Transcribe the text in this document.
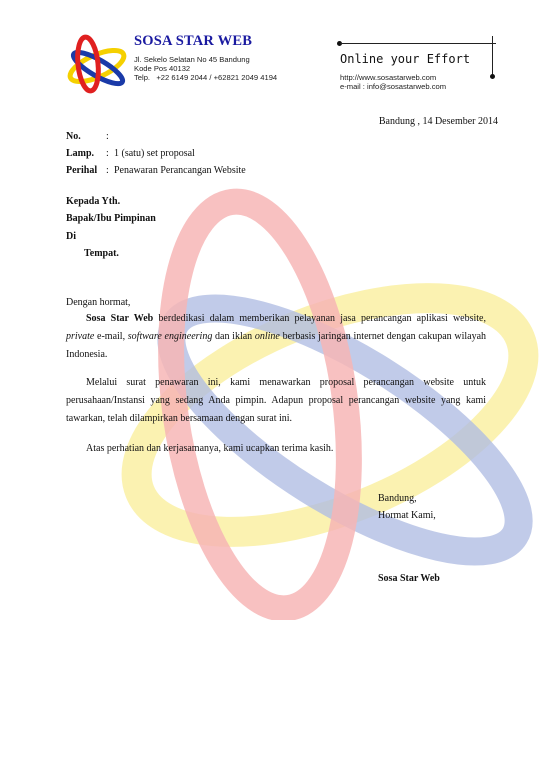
SOSA STAR WEB
Jl. Sekelo Selatan No 45 Bandung
Kode Pos 40132
Telp.   +22 6149 2044 / +62821 2049 4194
Online your Effort
http://www.sosastarweb.com
e-mail : info@sosastarweb.com
Bandung , 14 Desember 2014
No.	:
Lamp. : 1 (satu) set proposal
Perihal : Penawaran Perancangan Website
Kepada Yth.
Bapak/Ibu Pimpinan
Di
Tempat.
Dengan hormat,
Sosa Star Web berdedikasi dalam memberikan pelayanan jasa perancangan aplikasi website, private e-mail, software engineering dan iklan online berbasis jaringan internet dengan cakupan wilayah Indonesia.
Melalui surat penawaran ini, kami menawarkan proposal perancangan website untuk perusahaan/Instansi yang sedang Anda pimpin. Adapun proposal perancangan website yang kami tawarkan, telah dilampirkan bersamaan dengan surat ini.
Atas perhatian dan kerjasamanya, kami ucapkan terima kasih.
Bandung,
Hormat Kami,
Sosa Star Web
